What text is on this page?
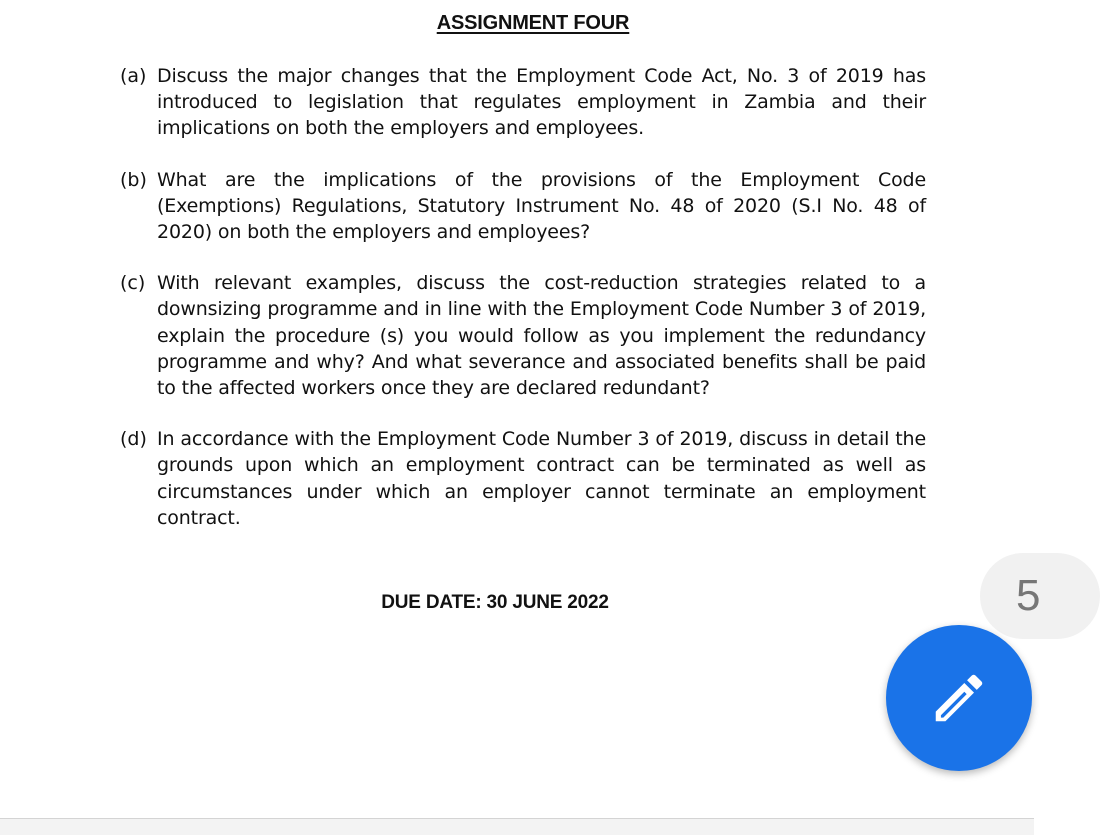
ASSIGNMENT FOUR
(a) Discuss the major changes that the Employment Code Act, No. 3 of 2019 has introduced to legislation that regulates employment in Zambia and their implications on both the employers and employees.
(b) What are the implications of the provisions of the Employment Code (Exemptions) Regulations, Statutory Instrument No. 48 of 2020 (S.I No. 48 of 2020) on both the employers and employees?
(c) With relevant examples, discuss the cost-reduction strategies related to a downsizing programme and in line with the Employment Code Number 3 of 2019, explain the procedure (s) you would follow as you implement the redundancy programme and why? And what severance and associated benefits shall be paid to the affected workers once they are declared redundant?
(d) In accordance with the Employment Code Number 3 of 2019, discuss in detail the grounds upon which an employment contract can be terminated as well as circumstances under which an employer cannot terminate an employment contract.
DUE DATE: 30 JUNE 2022	5
